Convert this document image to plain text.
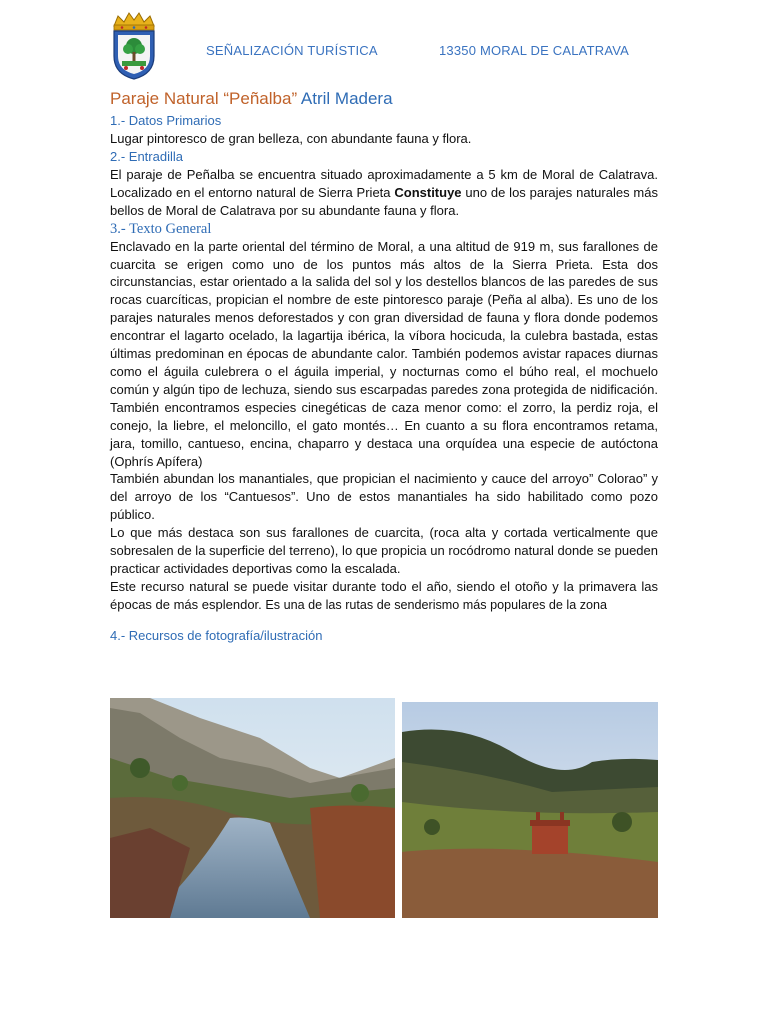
SEÑALIZACIÓN TURÍSTICA	13350 MORAL DE CALATRAVA
Paraje Natural “Peñalba” Atril Madera
1.- Datos Primarios

Lugar pintoresco de gran belleza, con abundante fauna y flora.

2.- Entradilla

El paraje de Peñalba se encuentra situado aproximadamente a 5 km de Moral de Calatrava. Localizado en el entorno natural de Sierra Prieta Constituye uno de los parajes naturales más bellos de Moral de Calatrava por su abundante fauna y flora.

3.- Texto General

Enclavado en la parte oriental del término de Moral, a una altitud de 919 m, sus farallones de cuarcita se erigen como uno de los puntos más altos de la Sierra Prieta. Esta dos circunstancias, estar orientado a la salida del sol y los destellos blancos de las paredes de sus rocas cuarcíticas, propician el nombre de este pintoresco paraje (Peña al alba). Es uno de los parajes naturales menos deforestados y con gran diversidad de fauna y flora donde podemos encontrar el lagarto ocelado, la lagartija ibérica, la víbora hocicuda, la culebra bastada, estas últimas predominan en épocas de abundante calor. También podemos avistar rapaces diurnas como el águila culebrera o el águila imperial, y nocturnas como el búho real, el mochuelo común y algún tipo de lechuza, siendo sus escarpadas paredes zona protegida de nidificación. También encontramos especies cinegéticas de caza menor como: el zorro, la perdiz roja, el conejo, la liebre, el meloncillo, el gato montés… En cuanto a su flora encontramos retama, jara, tomillo, cantueso, encina, chaparro y destaca una orquídea una especie de autóctona (Ophrís Apífera)

También abundan los manantiales, que propician el nacimiento y cauce del arroyo” Colorao” y del arroyo de los “Cantuesos”. Uno de estos manantiales ha sido habilitado como pozo público.

Lo que más destaca son sus farallones de cuarcita, (roca alta y cortada verticalmente que sobresalen de la superficie del terreno), lo que propicia un rocódromo natural donde se pueden practicar actividades deportivas como la escalada.

Este recurso natural se puede visitar durante todo el año, siendo el otoño y la primavera las épocas de más esplendor. Es una de las rutas de senderismo más populares de la zona

4.- Recursos de fotografía/ilustración
